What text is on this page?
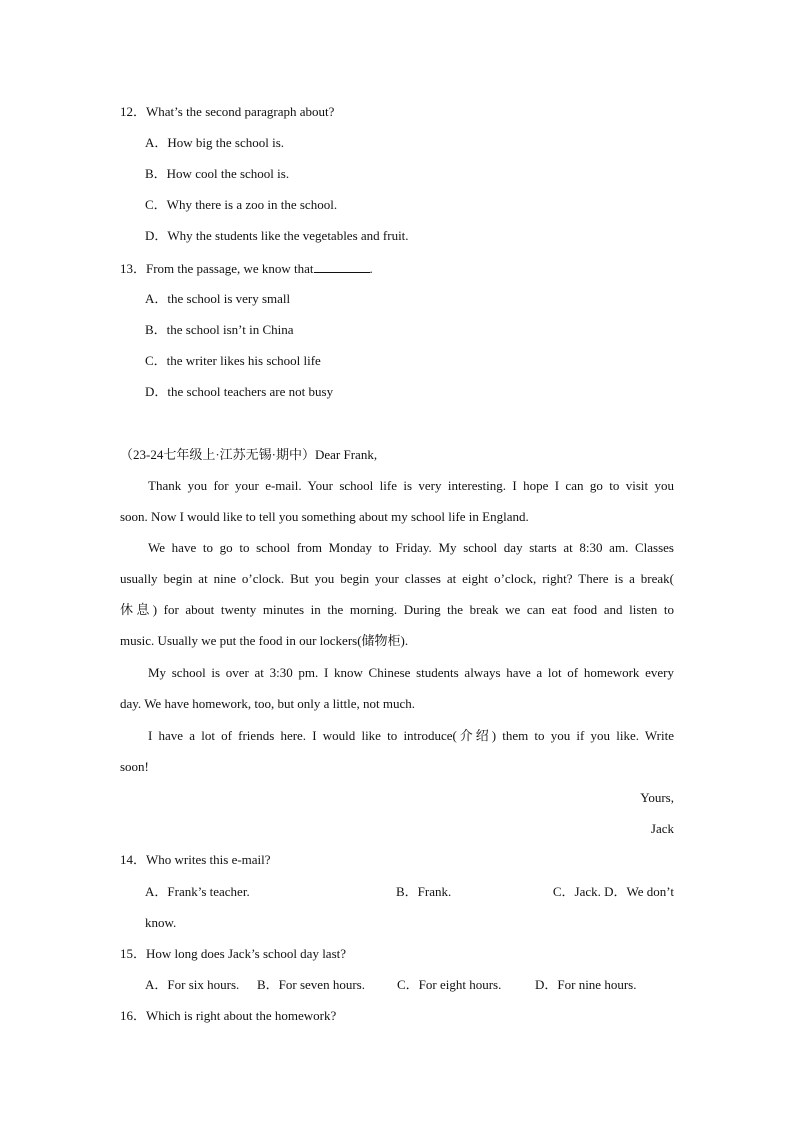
12．What’s the second paragraph about?
A．How big the school is.
B．How cool the school is.
C．Why there is a zoo in the school.
D．Why the students like the vegetables and fruit.
13．From the passage, we know that	.
A．the school is very small
B．the school isn’t in China
C．the writer likes his school life
D．the school teachers are not busy
（23-24七年级上·江苏无锡·期中）Dear Frank,
Thank you for your e-mail. Your school life is very interesting. I hope I can go to visit you
soon. Now I would like to tell you something about my school life in England.
We have to go to school from Monday to Friday. My school day starts at 8:30 am. Classes
usually begin at nine o’clock. But you begin your classes at eight o’clock, right? There is a break(
休息) for about twenty minutes in the morning. During the break we can eat food and listen to
music. Usually we put the food in our lockers(储物柜).
My school is over at 3:30 pm. I know Chinese students always have a lot of homework every
day. We have homework, too, but only a little, not much.
I have a lot of friends here. I would like to introduce(介绍) them to you if you like. Write
soon!
Yours,
Jack
14．Who writes this e-mail?
A．Frank’s teacher.	B．Frank.	C．Jack. D．We don’t
know.
15．How long does Jack’s school day last?
A．For six hours. B．For seven hours. C．For eight hours.	D．For nine hours.
16．Which is right about the homework?
